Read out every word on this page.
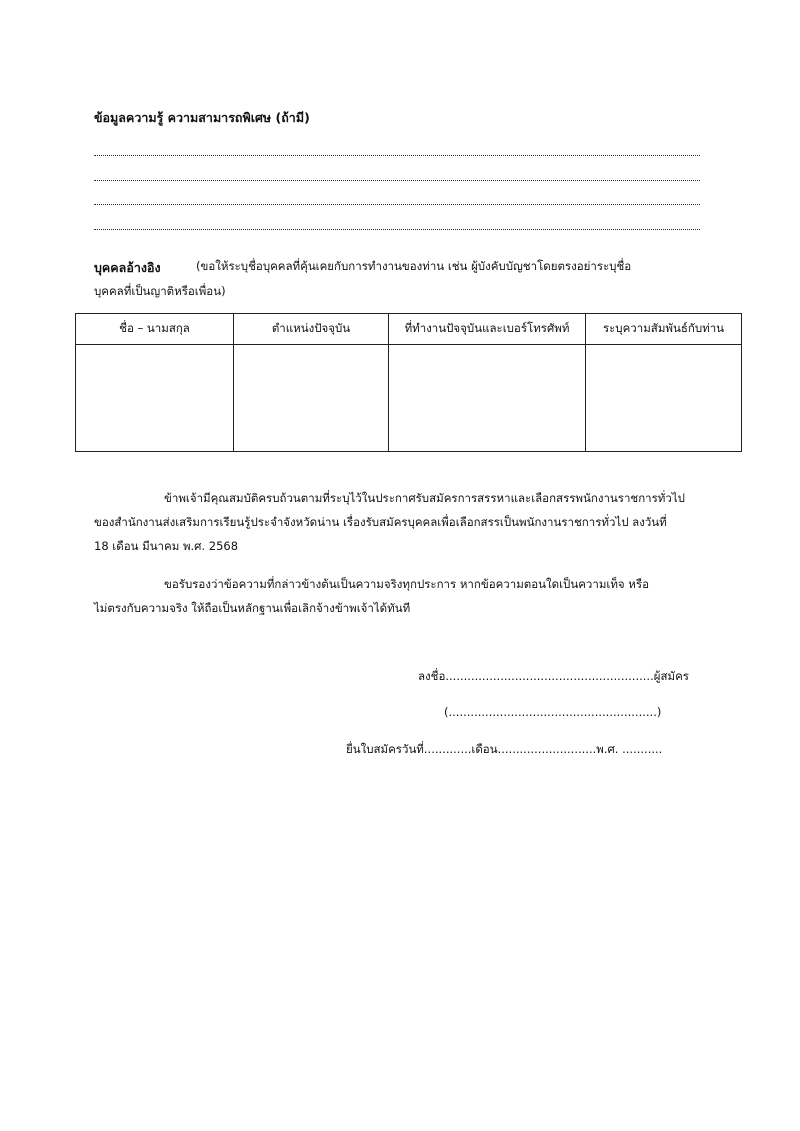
ข้อมูลความรู้ ความสามารถพิเศษ (ถ้ามี)
บุคคลอ้างอิง	(ขอให้ระบุชื่อบุคคลที่คุ้นเคยกับการทำงานของท่าน เช่น ผู้บังคับบัญชาโดยตรงอย่าระบุชื่อ
บุคคลที่เป็นญาติหรือเพื่อน)
ชื่อ – นามสกุล	ตำแหน่งปัจจุบัน	ที่ทำงานปัจจุบันและเบอร์โทรศัพท์	ระบุความสัมพันธ์กับท่าน

ข้าพเจ้ามีคุณสมบัติครบถ้วนตามที่ระบุไว้ในประกาศรับสมัครการสรรหาและเลือกสรรพนักงานราชการทั่วไป
ของสำนักงานส่งเสริมการเรียนรู้ประจำจังหวัดน่าน เรื่องรับสมัครบุคคลเพื่อเลือกสรรเป็นพนักงานราชการทั่วไป ลงวันที่
18 เดือน มีนาคม พ.ศ. 2568
ขอรับรองว่าข้อความที่กล่าวข้างต้นเป็นความจริงทุกประการ หากข้อความตอนใดเป็นความเท็จ หรือ
ไม่ตรงกับความจริง ให้ถือเป็นหลักฐานเพื่อเลิกจ้างข้าพเจ้าได้ทันที
ลงชื่อ.........................................................ผู้สมัคร
(.........................................................)
ยื่นใบสมัครวันที่.............เดือน...........................พ.ศ. ...........
